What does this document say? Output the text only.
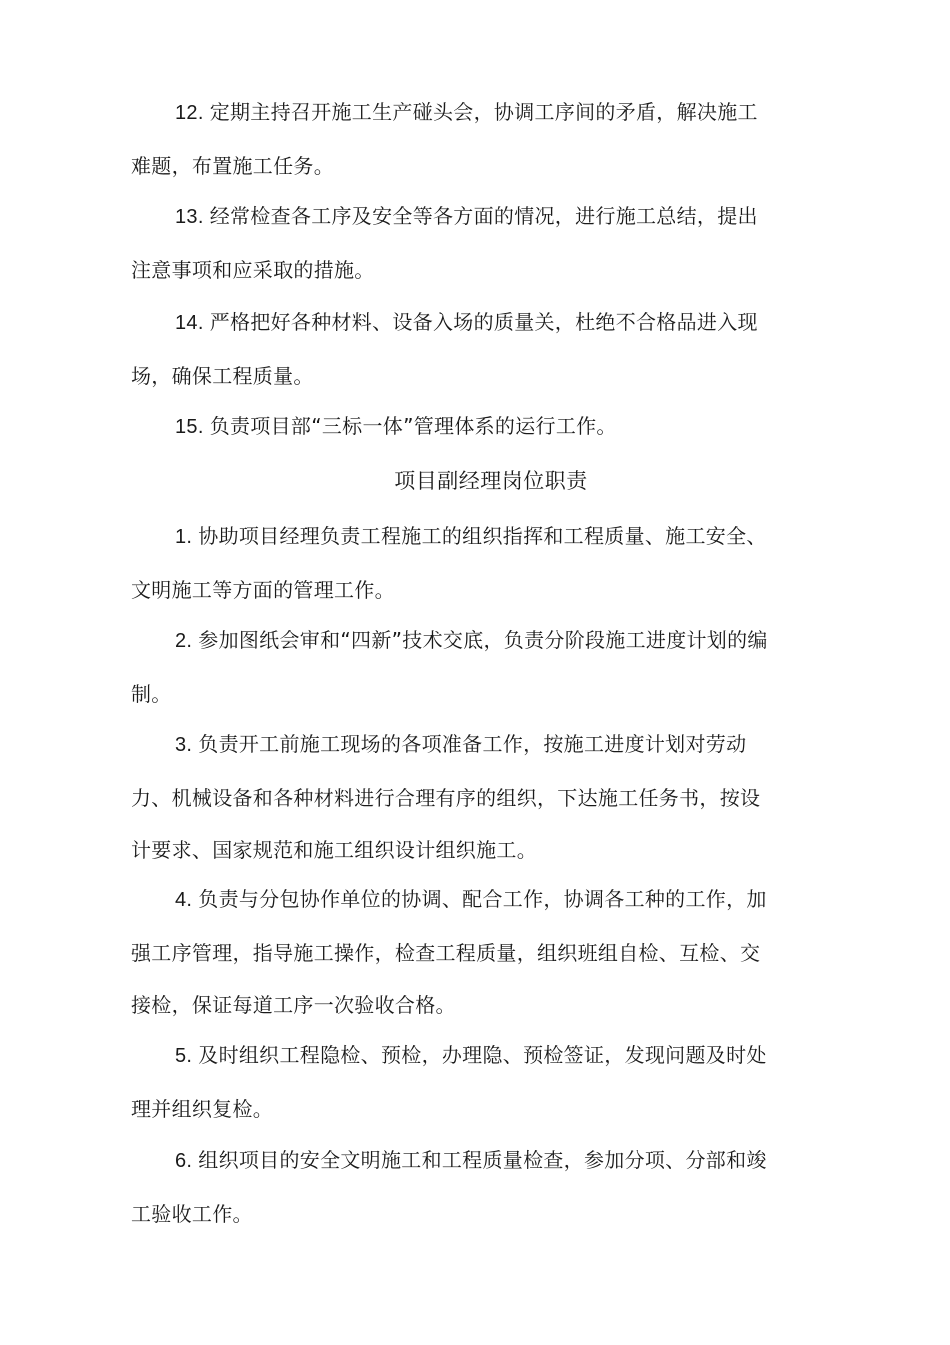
12. 定期主持召开施工生产碰头会，协调工序间的矛盾，解决施工难题，布置施工任务。

13. 经常检查各工序及安全等各方面的情况，进行施工总结，提出注意事项和应采取的措施。

14. 严格把好各种材料、设备入场的质量关，杜绝不合格品进入现场，确保工程质量。

15. 负责项目部“三标一体”管理体系的运行工作。

项目副经理岗位职责

1. 协助项目经理负责工程施工的组织指挥和工程质量、施工安全、文明施工等方面的管理工作。

2. 参加图纸会审和“四新”技术交底，负责分阶段施工进度计划的编制。

3. 负责开工前施工现场的各项准备工作，按施工进度计划对劳动力、机械设备和各种材料进行合理有序的组织，下达施工任务书，按设计要求、国家规范和施工组织设计组织施工。

4. 负责与分包协作单位的协调、配合工作，协调各工种的工作，加强工序管理，指导施工操作，检查工程质量，组织班组自检、互检、交接检，保证每道工序一次验收合格。

5. 及时组织工程隐检、预检，办理隐、预检签证，发现问题及时处理并组织复检。

6. 组织项目的安全文明施工和工程质量检查，参加分项、分部和竣工验收工作。
